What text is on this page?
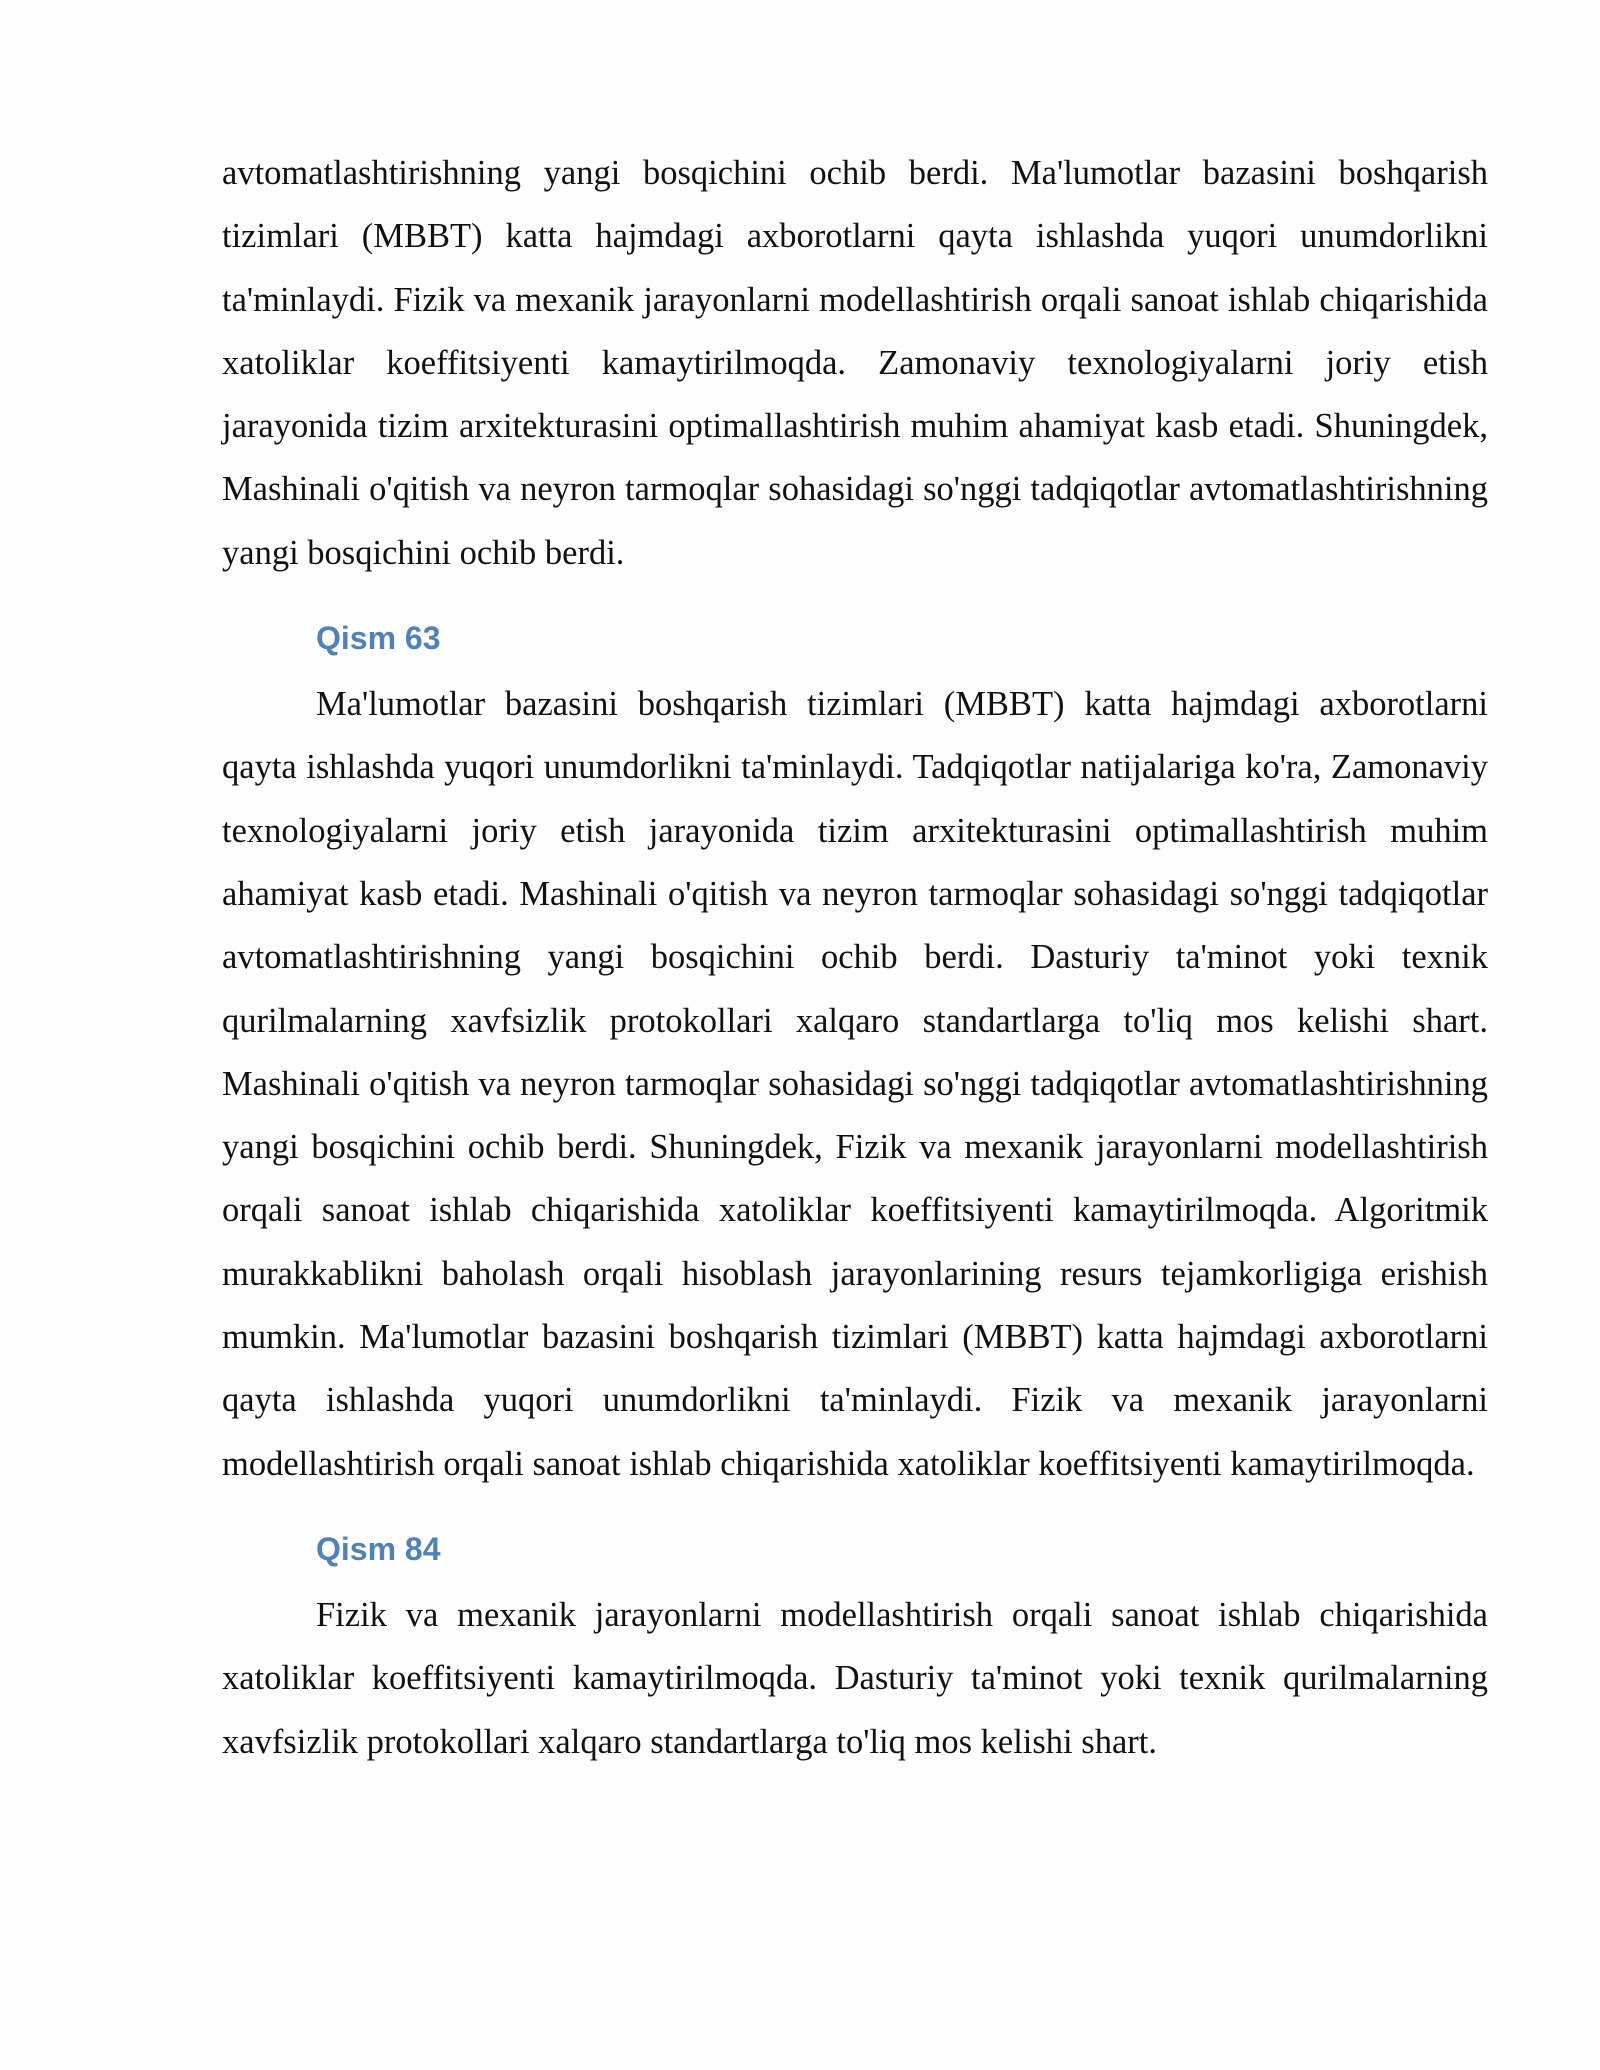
avtomatlashtirishning yangi bosqichini ochib berdi. Ma'lumotlar bazasini boshqarish tizimlari (MBBT) katta hajmdagi axborotlarni qayta ishlashda yuqori unumdorlikni ta'minlaydi. Fizik va mexanik jarayonlarni modellashtirish orqali sanoat ishlab chiqarishida xatoliklar koeffitsiyenti kamaytirilmoqda. Zamonaviy texnologiyalarni joriy etish jarayonida tizim arxitekturasini optimallashtirish muhim ahamiyat kasb etadi. Shuningdek, Mashinali o'qitish va neyron tarmoqlar sohasidagi so'nggi tadqiqotlar avtomatlashtirishning yangi bosqichini ochib berdi.

Qism 63

Ma'lumotlar bazasini boshqarish tizimlari (MBBT) katta hajmdagi axborotlarni qayta ishlashda yuqori unumdorlikni ta'minlaydi. Tadqiqotlar natijalariga ko'ra, Zamonaviy texnologiyalarni joriy etish jarayonida tizim arxitekturasini optimallashtirish muhim ahamiyat kasb etadi. Mashinali o'qitish va neyron tarmoqlar sohasidagi so'nggi tadqiqotlar avtomatlashtirishning yangi bosqichini ochib berdi. Dasturiy ta'minot yoki texnik qurilmalarning xavfsizlik protokollari xalqaro standartlarga to'liq mos kelishi shart. Mashinali o'qitish va neyron tarmoqlar sohasidagi so'nggi tadqiqotlar avtomatlashtirishning yangi bosqichini ochib berdi. Shuningdek, Fizik va mexanik jarayonlarni modellashtirish orqali sanoat ishlab chiqarishida xatoliklar koeffitsiyenti kamaytirilmoqda. Algoritmik murakkablikni baholash orqali hisoblash jarayonlarining resurs tejamkorligiga erishish mumkin. Ma'lumotlar bazasini boshqarish tizimlari (MBBT) katta hajmdagi axborotlarni qayta ishlashda yuqori unumdorlikni ta'minlaydi. Fizik va mexanik jarayonlarni modellashtirish orqali sanoat ishlab chiqarishida xatoliklar koeffitsiyenti kamaytirilmoqda.

Qism 84

Fizik va mexanik jarayonlarni modellashtirish orqali sanoat ishlab chiqarishida xatoliklar koeffitsiyenti kamaytirilmoqda. Dasturiy ta'minot yoki texnik qurilmalarning xavfsizlik protokollari xalqaro standartlarga to'liq mos kelishi shart.
